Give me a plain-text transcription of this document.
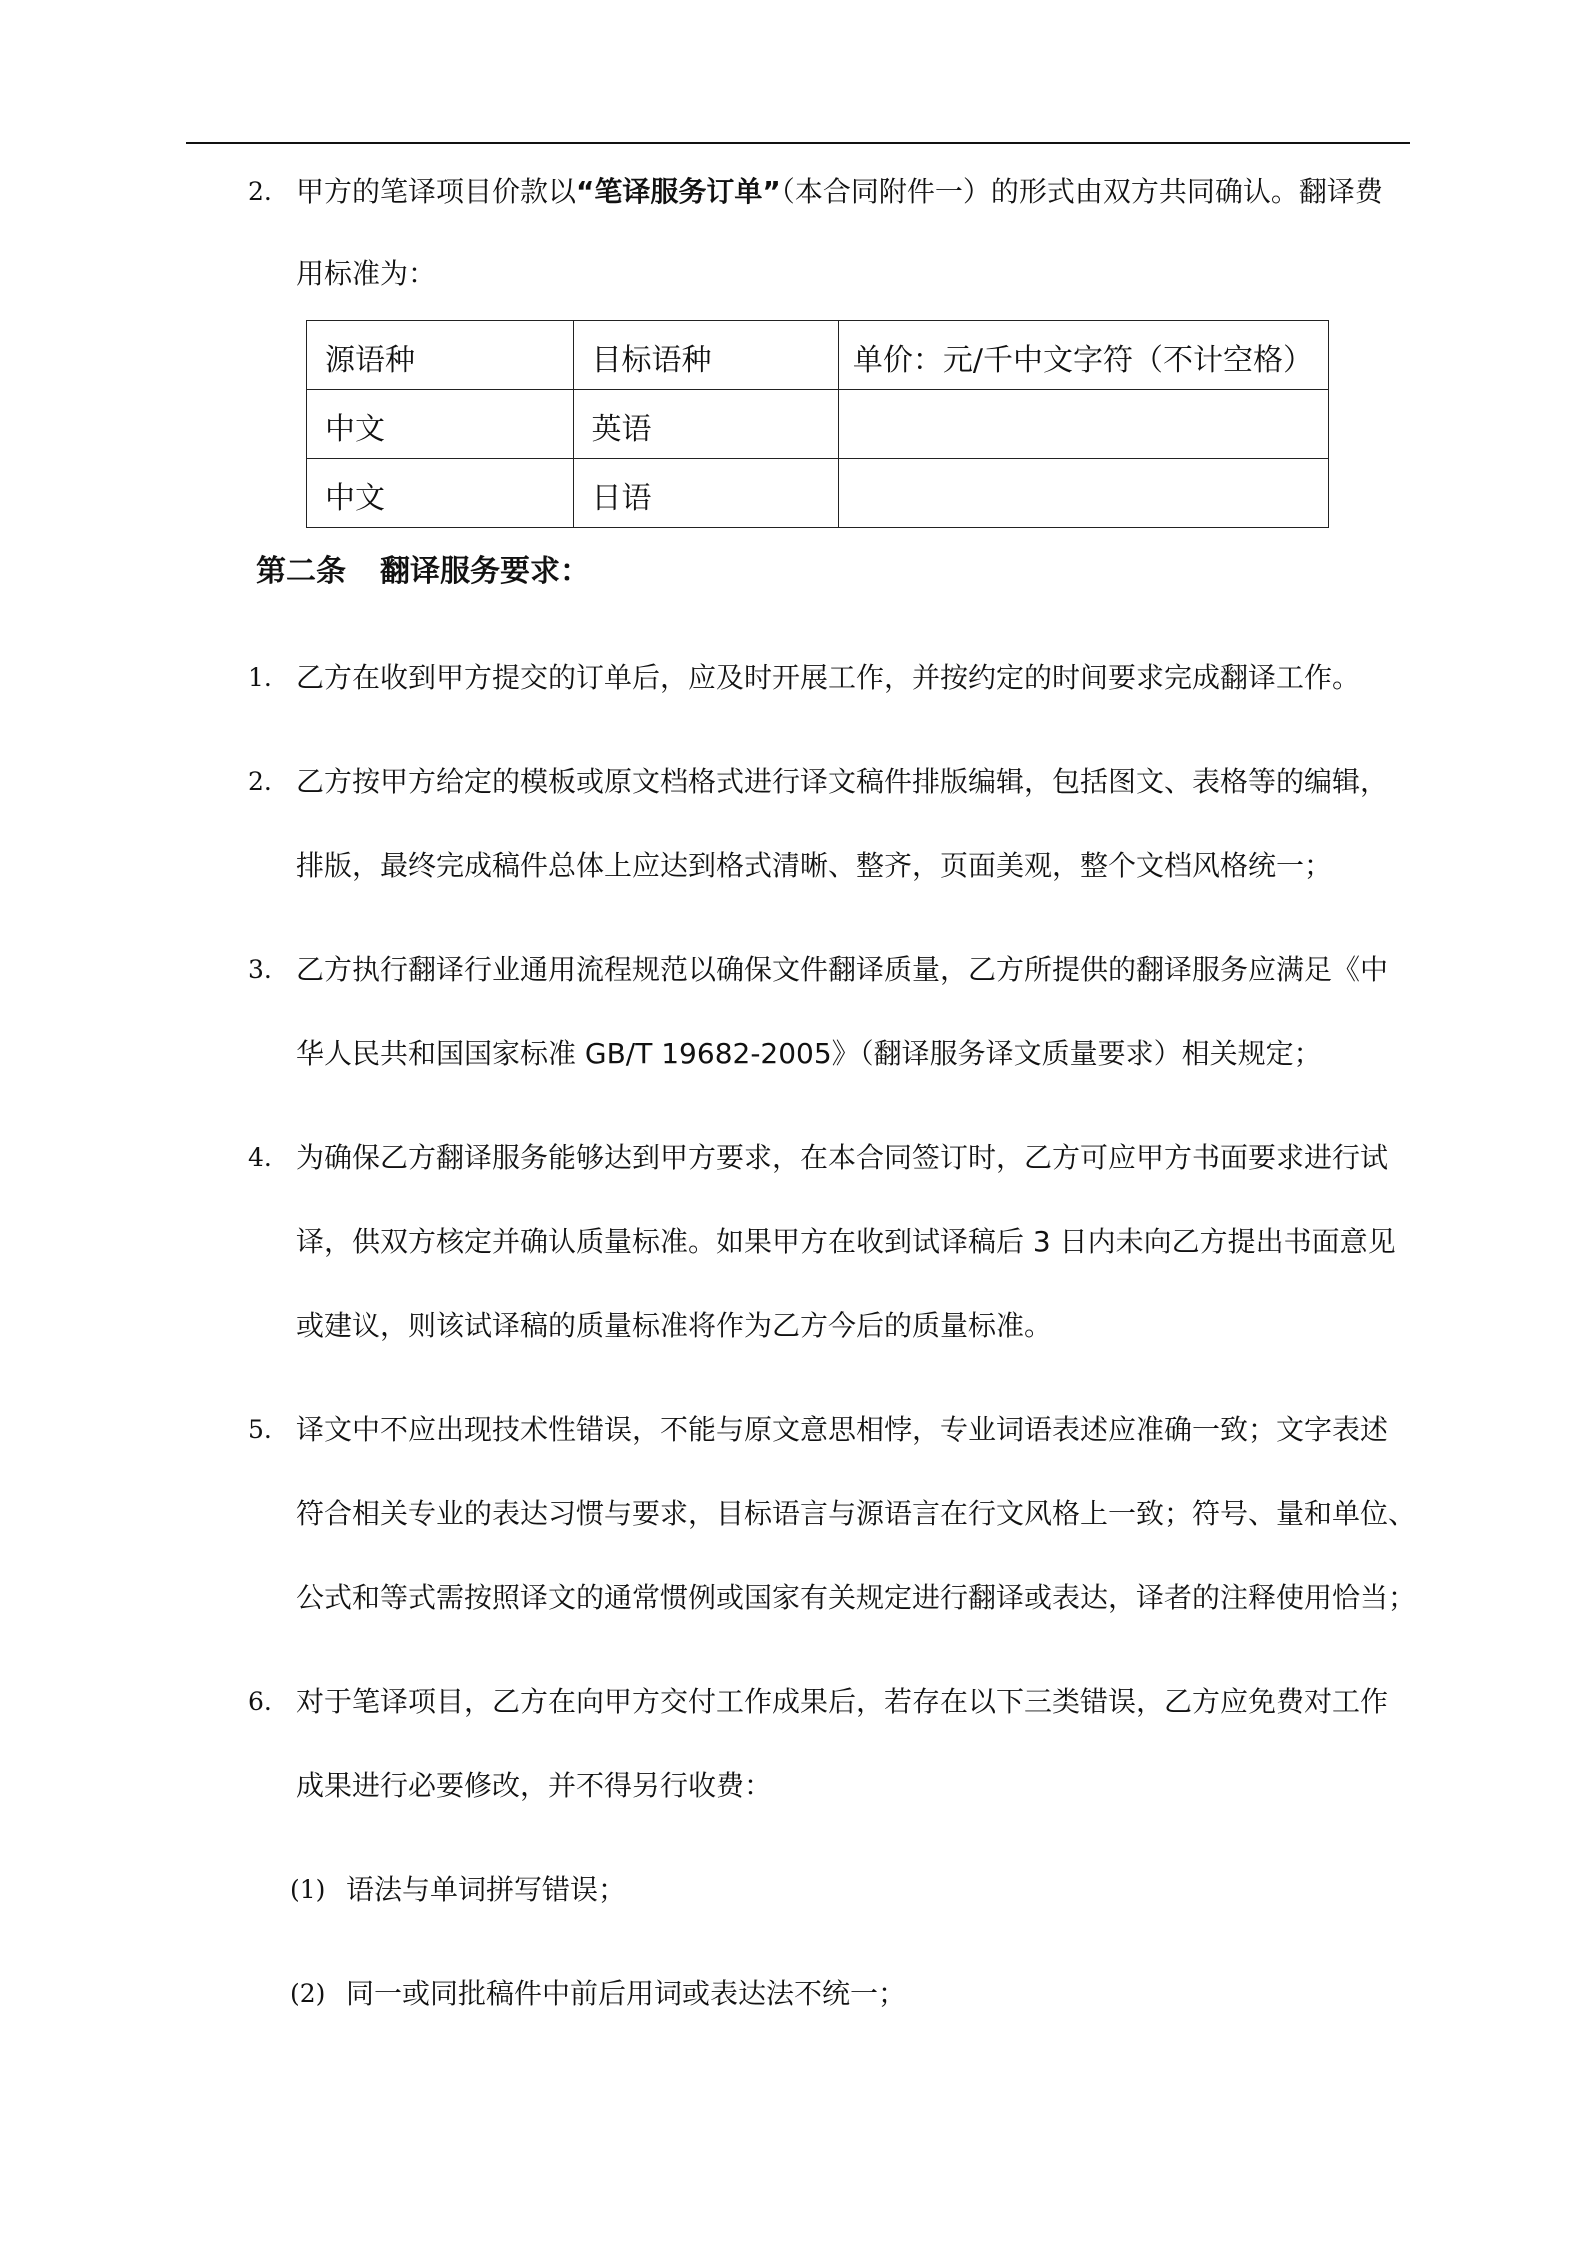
2. 甲方的笔译项目价款以“笔译服务订单”（本合同附件一）的形式由双方共同确认。翻译费
用标准为：
源语种	目标语种	单价：元/千中文字符（不计空格）
中文	英语	
中文	日语	
第二条 翻译服务要求：
1. 乙方在收到甲方提交的订单后，应及时开展工作，并按约定的时间要求完成翻译工作。
2. 乙方按甲方给定的模板或原文档格式进行译文稿件排版编辑，包括图文、表格等的编辑，
排版，最终完成稿件总体上应达到格式清晰、整齐，页面美观，整个文档风格统一；
3. 乙方执行翻译行业通用流程规范以确保文件翻译质量，乙方所提供的翻译服务应满足《中
华人民共和国国家标准 GB/T 19682-2005》（翻译服务译文质量要求）相关规定；
4. 为确保乙方翻译服务能够达到甲方要求，在本合同签订时，乙方可应甲方书面要求进行试
译，供双方核定并确认质量标准。如果甲方在收到试译稿后 3 日内未向乙方提出书面意见
或建议，则该试译稿的质量标准将作为乙方今后的质量标准。
5. 译文中不应出现技术性错误，不能与原文意思相悖，专业词语表述应准确一致；文字表述
符合相关专业的表达习惯与要求，目标语言与源语言在行文风格上一致；符号、量和单位、
公式和等式需按照译文的通常惯例或国家有关规定进行翻译或表达，译者的注释使用恰当；
6. 对于笔译项目，乙方在向甲方交付工作成果后，若存在以下三类错误，乙方应免费对工作
成果进行必要修改，并不得另行收费：
(1) 语法与单词拼写错误；
(2) 同一或同批稿件中前后用词或表达法不统一；
